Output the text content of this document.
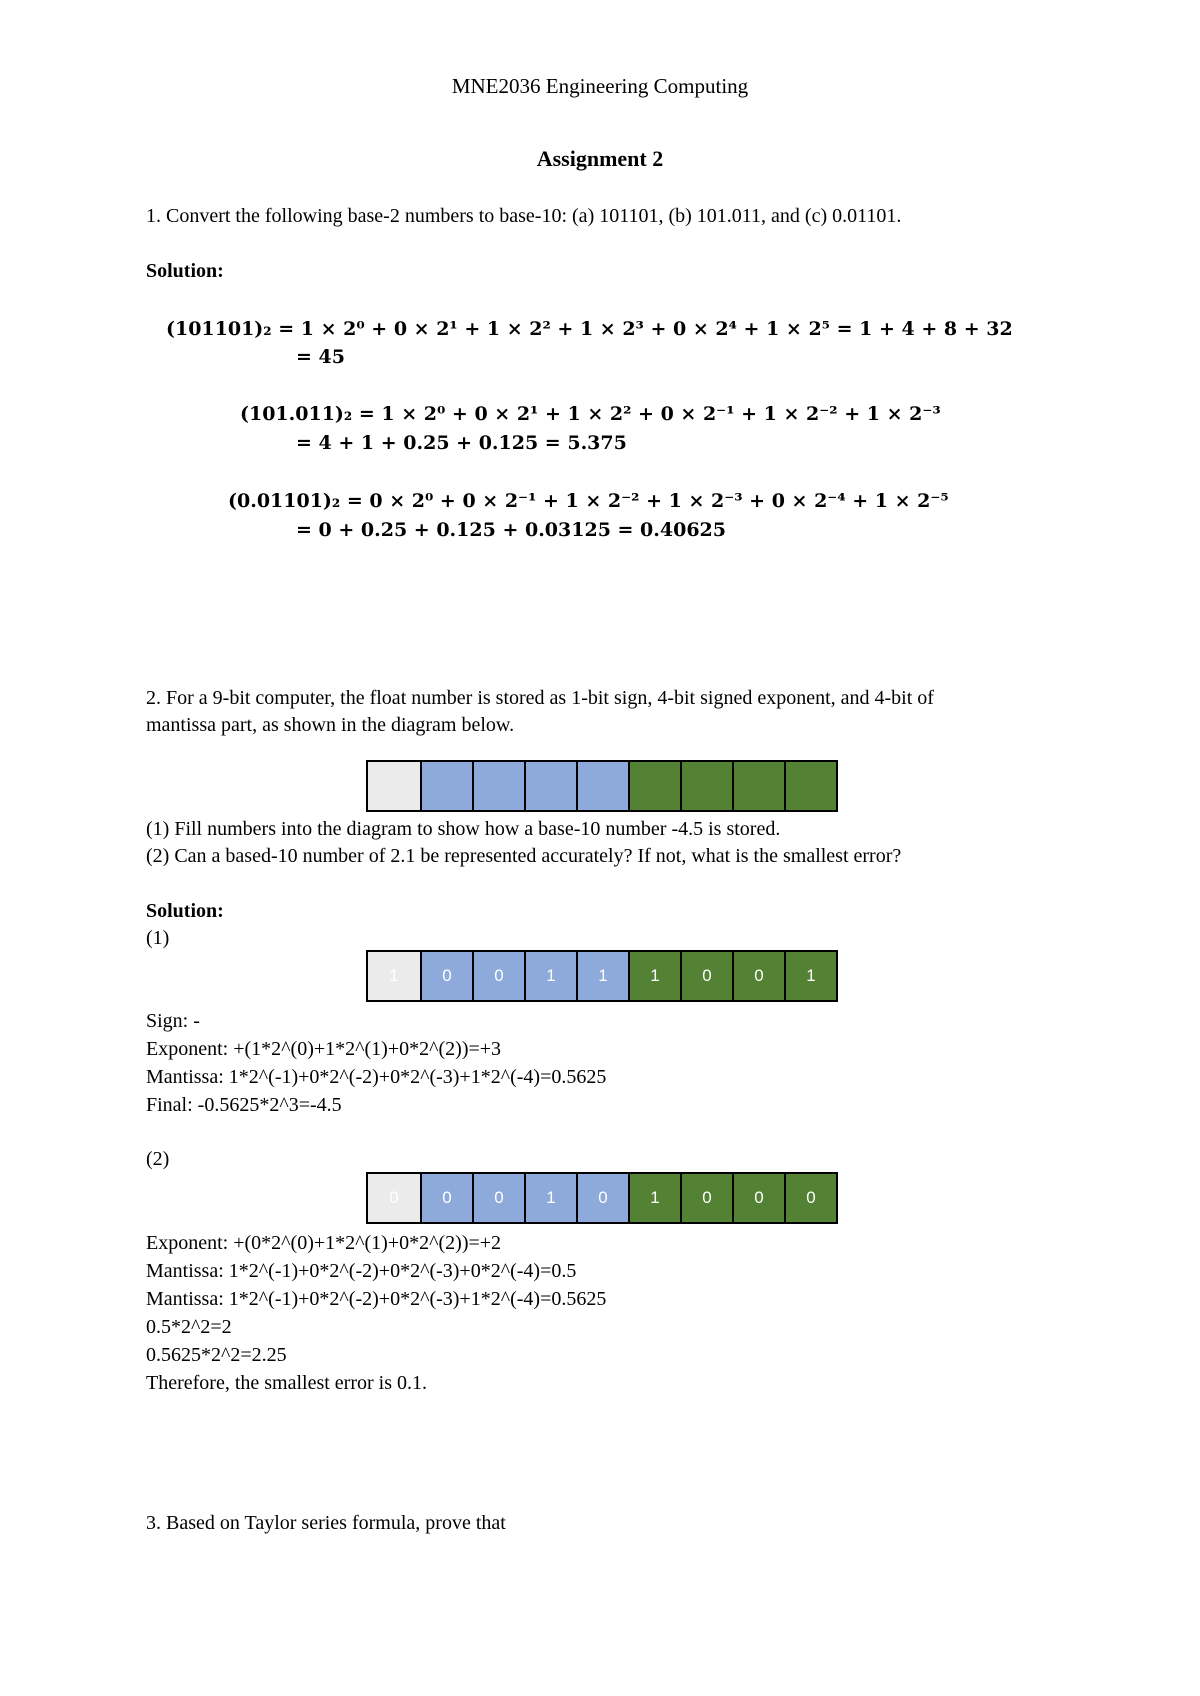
MNE2036 Engineering Computing
Assignment 2
1. Convert the following base-2 numbers to base-10: (a) 101101, (b) 101.011, and (c) 0.01101.
Solution:
(101101)₂ = 1 × 2⁰ + 0 × 2¹ + 1 × 2² + 1 × 2³ + 0 × 2⁴ + 1 × 2⁵ = 1 + 4 + 8 + 32
= 45
(101.011)₂ = 1 × 2⁰ + 0 × 2¹ + 1 × 2² + 0 × 2⁻¹ + 1 × 2⁻² + 1 × 2⁻³
= 4 + 1 + 0.25 + 0.125 = 5.375
(0.01101)₂ = 0 × 2⁰ + 0 × 2⁻¹ + 1 × 2⁻² + 1 × 2⁻³ + 0 × 2⁻⁴ + 1 × 2⁻⁵
= 0 + 0.25 + 0.125 + 0.03125 = 0.40625
2. For a 9-bit computer, the float number is stored as 1-bit sign, 4-bit signed exponent, and 4-bit of
mantissa part, as shown in the diagram below.
(1) Fill numbers into the diagram to show how a base-10 number -4.5 is stored.
(2) Can a based-10 number of 2.1 be represented accurately? If not, what is the smallest error?
Solution:
(1)
1	0	0	1	1	1	0	0	1
Sign: -
Exponent: +(1*2^(0)+1*2^(1)+0*2^(2))=+3
Mantissa: 1*2^(-1)+0*2^(-2)+0*2^(-3)+1*2^(-4)=0.5625
Final: -0.5625*2^3=-4.5
(2)
0	0	0	1	0	1	0	0	0
Exponent: +(0*2^(0)+1*2^(1)+0*2^(2))=+2
Mantissa: 1*2^(-1)+0*2^(-2)+0*2^(-3)+0*2^(-4)=0.5
Mantissa: 1*2^(-1)+0*2^(-2)+0*2^(-3)+1*2^(-4)=0.5625
0.5*2^2=2
0.5625*2^2=2.25
Therefore, the smallest error is 0.1.
3. Based on Taylor series formula, prove that
